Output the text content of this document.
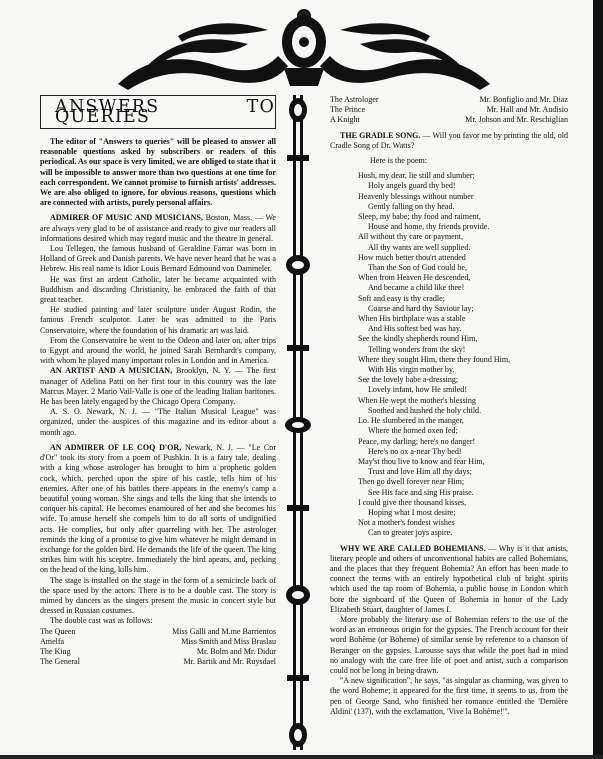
ANSWERS TO QUERIES

The editor of "Answers to queries" will be pleased to answer all reasonable questions asked by subscribers or readers of this periodical. As our space is very limited, we are obliged to state that it will be impossible to answer more than two questions at one time for each correspondent. We cannot promise to furnish artists' addresses. We are also obliged to ignore, for obvious reasons, questions which are connected with artists, purely personal affairs.

ADMIRER OF MUSIC AND MUSICIANS, Boston, Mass. — We are always very glad to be of assistance and ready to give our readers all informations desired which may regard music and the theatre in general.

Lou Tellegen, the famous husband of Geraldine Farrar was born in Holland of Greek and Danish parents. We have never heard that he was a Hebrew. His real name is Idior Louis Bernard Edmound von Dammeler.

He was first an ardent Catholic, later he became acquainted with Buddhism and discarding Christianity, he embraced the faith of that great teacher.

He studied painting and later sculpture under August Rodin, the famous French sculpotor. Later he was admitted to the Paris Conservatoire, where the foundation of his dramatic art was laid.

From the Conservatoire he went to the Odeon and later on, after trips to Egypt and around the world, he joined Sarah Bernhardt's company, with whom he played many important roles in London and in America.

AN ARTIST AND A MUSICIAN, Brooklyn, N. Y. — The first manager of Adelina Patti on her first tour in this country was the late Marcus Mayer. 2 Mario Vail-Valle is one of the leading Italian baritones. He has been lately engaged by the Chicago Opera Company.

A. S. O. Newark, N. J. — "The Italian Musical League" was organized, under the auspices of this magazine and its editor about a month ago.

AN ADMIRER OF LE COQ D'OR, Newark, N. J. — "Le Cor d'Or" took its story from a poem of Pushkin. It is a fairy tale, dealing with a king whose astrologer has brought to him a prophetic golden cock, which, perched upon the spire of his castle, tells him of his enemies. After one of his battles there appears in the enemy's camp a beautiful young woman. She sings and tells the king that she intends to conquer his capital. He becomes enamoured of her and she becomes his wife. To amuse herself she compels him to do all sorts of undignified acts. He complies, but only after quarreling with her. The astrologer reminds the king of a promise to give him whatever he might demand in exchange for the golden bird. He demands the life of the queen. The king strikes him with his sceptre. Immediately the bird apears, and, pecking on the head of the king, kills him.

The stage is installed on the stage in the form of a semicircle back of the space used by the actors. There is to be a double cast. The story is mimed by dancers as the singers present the music in concert style but dressed in Russian costumes.

The double cast was as follows:

The Queen	Miss Galli and M.me Barrientos
Amelfa	Miss Smith and Miss Braslau
The King	Mr. Bolm and Mr. Didur
The General	Mr. Bartik and Mr. Ruysdael
The Astrologer	Mr. Bonfiglio and Mr. Diaz
The Prince	Mr. Hall and Mr. Audisio
A Knight	Mr. Johson and Mr. Reschiglian

THE GRADLE SONG. — Will you favor me by printing the old, old Cradle Song of Dr. Watts?

Here is the poem:

Hush, my dear, lie still and slumber;
Holy angels guard thy bed!
Heavenly blessings without number
Gently falling on thy head.
Sleep, my babe; thy food and raiment,
House and home, thy friends provide.
All without thy care or payment,
All thy wants are well supplied.
How much better thou'rt attended
Than the Son of God could be,
When from Heaven He descended,
And became a child like thee!
Soft and easy is thy cradle;
Coarse and hard thy Saviour lay;
When His birthplace was a stable
And His softest bed was hay.
See the kindly shepherds round Him,
Telling wonders from the sky!
Where they sought Him, there they found Him,
With His virgin mother by.
See the lovely babe a-dressing;
Lovely infant, how He smiled!
When He wept the mother's blessing
Soothed and hushed the holy child.
Lo. He slumbered in the manger,
Where the horned oxen fed;
Peace, my darling; here's no danger!
Here's no ox a-near Thy bed!
May'st thou live to know and fear Him,
Trust and love Him all thy days;
Then go dwell forever near Him;
See His face and sing His praise.
I could give thee thousand kisses,
Hoping what I most desire;
Not a mother's fondest wishes
Can to greater joys aspire.

WHY WE ARE CALLED BOHEMIANS. — Why is it that artists, literary people and others of unconventional habits are called Bohemians, and the places that they frequent Bohemia? An effort has been made to connect the terms with an entirely hypothetical club of bright spirits which used the tap room of Bohemia, a public house in London which bore the signboard of the Queen of Bohemia in honor of the Lady Elizabeth Stuart, daughter of James I.

More probably the literary use of Bohemian refers to the use of the word as an erroneous origin for the gypsies. The French account for their word Bohême (or Boheme) of similar sense by reference to a chanson of Beranger on the gypsies. Larousse says that while the poet had in mind no analogy with the care free life of poet and artist, such a comparison could not be long in being drawn.

"A new signification", he says, "as singular as charming, was given to the word Boheme; it appeared for the first time, it seems to us, from the pen of George Sand, who finished her romance entitled the 'Dernière Aldini' (137), with the exclamation, 'Vive la Bohème!'".
